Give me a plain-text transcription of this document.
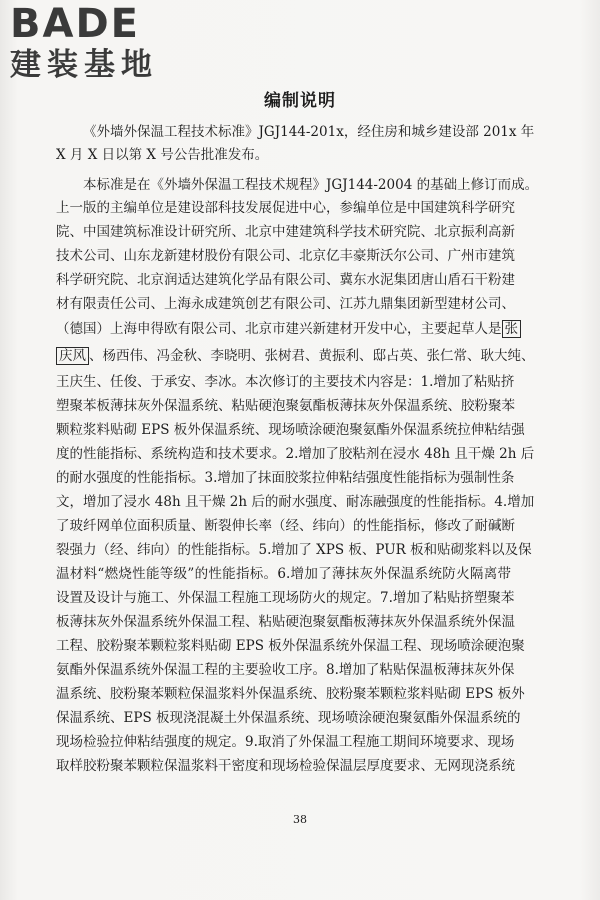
BADE
建装基地
编制说明
《外墙外保温工程技术标准》JGJ144-201x，经住房和城乡建设部 201x 年
X 月 X 日以第 X 号公告批准发布。
本标准是在《外墙外保温工程技术规程》JGJ144-2004 的基础上修订而成。
上一版的主编单位是建设部科技发展促进中心，参编单位是中国建筑科学研究
院、中国建筑标准设计研究所、北京中建建筑科学技术研究院、北京振利高新
技术公司、山东龙新建材股份有限公司、北京亿丰豪斯沃尔公司、广州市建筑
科学研究院、北京润适达建筑化学品有限公司、冀东水泥集团唐山盾石干粉建
材有限责任公司、上海永成建筑创艺有限公司、江苏九鼎集团新型建材公司、
（德国）上海申得欧有限公司、北京市建兴新建材开发中心，主要起草人是 张
庆风 、杨西伟、冯金秋、李晓明、张树君、黄振利、邸占英、张仁常、耿大纯、
王庆生、任俊、于承安、李冰。本次修订的主要技术内容是：1.增加了粘贴挤
塑聚苯板薄抹灰外保温系统、粘贴硬泡聚氨酯板薄抹灰外保温系统、胶粉聚苯
颗粒浆料贴砌 EPS 板外保温系统、现场喷涂硬泡聚氨酯外保温系统拉伸粘结强
度的性能指标、系统构造和技术要求。2.增加了胶粘剂在浸水 48h 且干燥 2h 后
的耐水强度的性能指标。3.增加了抹面胶浆拉伸粘结强度性能指标为强制性条
文，增加了浸水 48h 且干燥 2h 后的耐水强度、耐冻融强度的性能指标。4.增加
了玻纤网单位面积质量、断裂伸长率（经、纬向）的性能指标，修改了耐碱断
裂强力（经、纬向）的性能指标。5.增加了 XPS 板、PUR 板和贴砌浆料以及保
温材料“燃烧性能等级”的性能指标。6.增加了薄抹灰外保温系统防火隔离带
设置及设计与施工、外保温工程施工现场防火的规定。7.增加了粘贴挤塑聚苯
板薄抹灰外保温系统外保温工程、粘贴硬泡聚氨酯板薄抹灰外保温系统外保温
工程、胶粉聚苯颗粒浆料贴砌 EPS 板外保温系统外保温工程、现场喷涂硬泡聚
氨酯外保温系统外保温工程的主要验收工序。8.增加了粘贴保温板薄抹灰外保
温系统、胶粉聚苯颗粒保温浆料外保温系统、胶粉聚苯颗粒浆料贴砌 EPS 板外
保温系统、EPS 板现浇混凝土外保温系统、现场喷涂硬泡聚氨酯外保温系统的
现场检验拉伸粘结强度的规定。9.取消了外保温工程施工期间环境要求、现场
取样胶粉聚苯颗粒保温浆料干密度和现场检验保温层厚度要求、无网现浇系统
38
